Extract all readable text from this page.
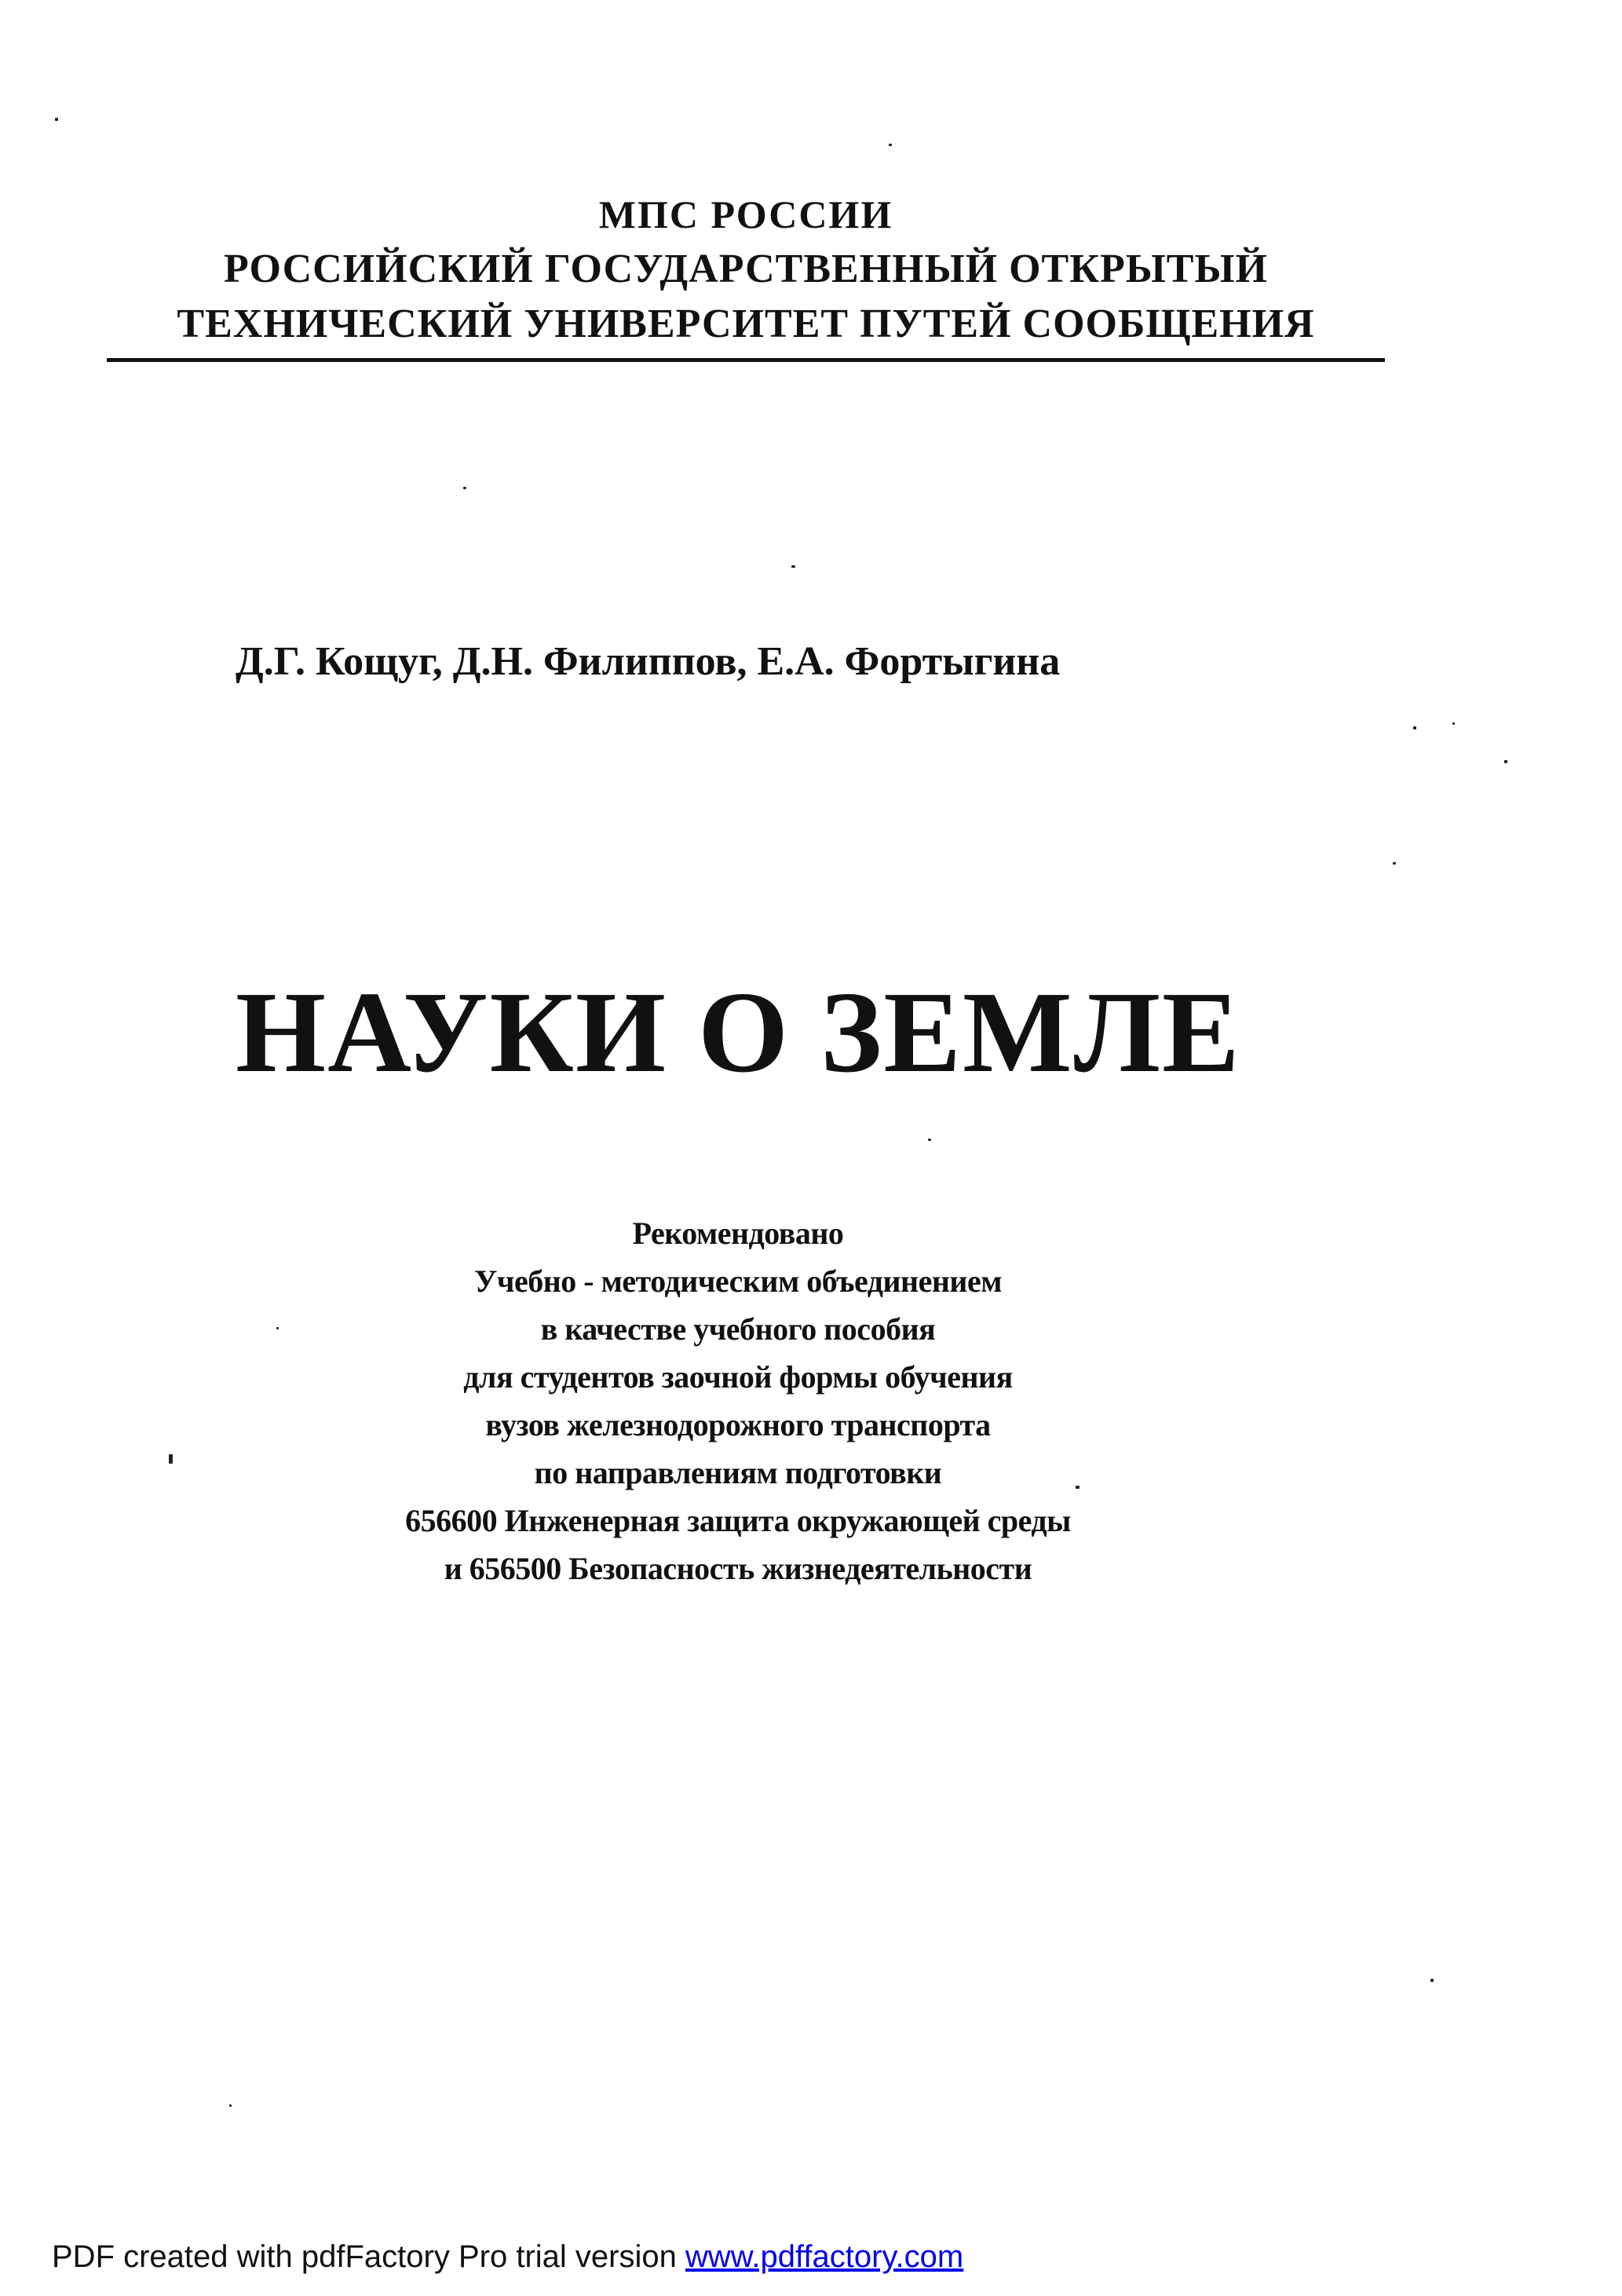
МПС РОССИИ
РОССИЙСКИЙ ГОСУДАРСТВЕННЫЙ ОТКРЫТЫЙ
ТЕХНИЧЕСКИЙ УНИВЕРСИТЕТ ПУТЕЙ СООБЩЕНИЯ
Д.Г. Кощуг, Д.Н. Филиппов, Е.А. Фортыгина
НАУКИ О ЗЕМЛЕ
Рекомендовано
Учебно - методическим объединением
в качестве учебного пособия
для студентов заочной формы обучения
вузов железнодорожного транспорта
по направлениям подготовки
656600 Инженерная защита окружающей среды
и 656500 Безопасность жизнедеятельности
PDF created with pdfFactory Pro trial version www.pdffactory.com
